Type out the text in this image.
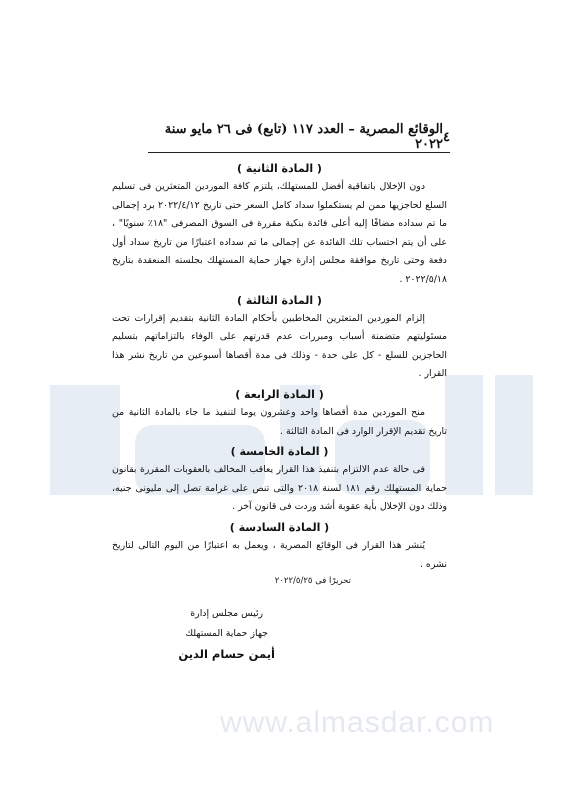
www.almasdar.com
٤
الوقائع المصرية – العدد ١١٧ (تابع) فى ٢٦ مايو سنة ٢٠٢٢
( المادة الثانية )

دون الإخلال باتفاقية أفضل للمستهلك، يلتزم كافة الموردين المتعثرين فى تسليم السلع لحاجزيها ممن لم يستكملوا سداد كامل السعر حتى تاريخ ٢٠٢٢/٤/١٢ برد إجمالى ما تم سداده مضافًا إليه أعلى فائدة بنكية مقررة فى السوق المصرفى "١٨٪ سنويًا" ، على أن يتم احتساب تلك الفائدة عن إجمالى ما تم سداده اعتبارًا من تاريخ سداد أول دفعة وحتى تاريخ موافقة مجلس إدارة جهاز حماية المستهلك بجلسته المنعقدة بتاريخ ٢٠٢٢/٥/١٨ .

( المادة الثالثة )

إلزام الموردين المتعثرين المخاطبين بأحكام المادة الثانية بتقديم إقرارات تحت مسئوليتهم متضمنة أسباب ومبررات عدم قدرتهم على الوفاء بالتزاماتهم بتسليم الحاجزين للسلع - كل على حدة - وذلك فى مدة أقصاها أسبوعين من تاريخ نشر هذا القرار .

( المادة الرابعة )

منح الموردين مدة أقصاها واحد وعشرون يوما لتنفيذ ما جاء بالمادة الثانية من تاريخ تقديم الإقرار الوارد فى المادة الثالثة .

( المادة الخامسة )

فى حالة عدم الالتزام بتنفيذ هذا القرار يعاقب المخالف بالعقوبات المقررة بقانون حماية المستهلك رقم ١٨١ لسنة ٢٠١٨ والتى تنص على غرامة تصل إلى مليونى جنيه، وذلك دون الإخلال بأية عقوبة أشد وردت فى قانون آخر .

( المادة السادسة )

يُنشر هذا القرار فى الوقائع المصرية ، ويعمل به اعتبارًا من اليوم التالى لتاريخ نشره .

تحريرًا فى ٢٠٢٢/٥/٢٥
رئيس مجلس إدارة
جهاز حماية المستهلك
أيمن حسام الدين
